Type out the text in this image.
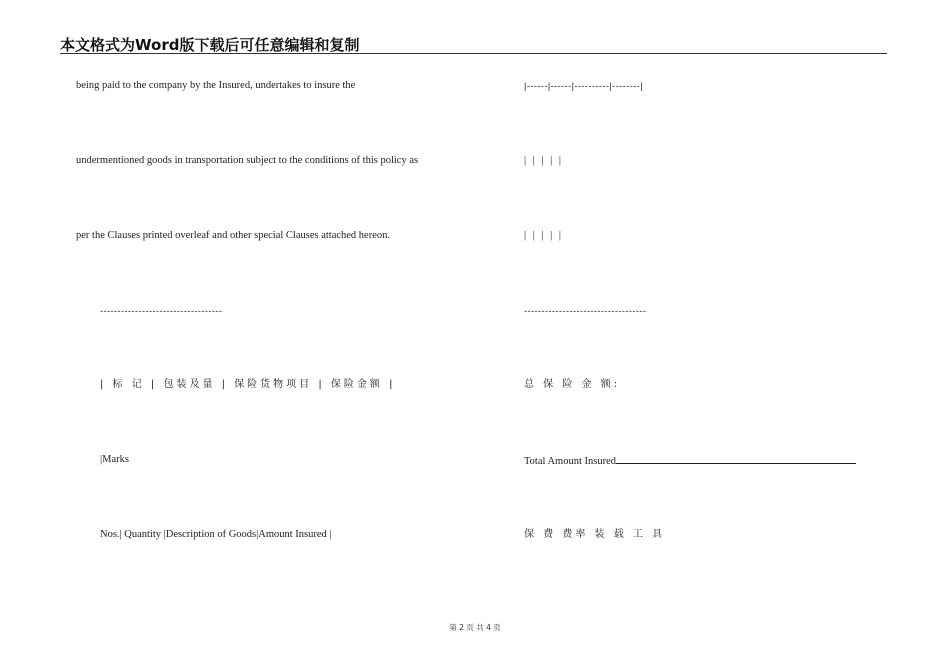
本文格式为Word版下载后可任意编辑和复制
being paid to the company by the Insured, undertakes to insure the
undermentioned goods in transportation subject to the conditions of this policy as
per the Clauses printed overleaf and other special Clauses attached hereon.
-----------------------------------
| 标 记 | 包装及量 | 保险货物项目 | 保险金额 |
|Marks
Nos.| Quantity |Description of Goods|Amount Insured |
|------|------|----------|--------|
| | | | |
| | | | |
-----------------------------------
总 保 险 金 额:
Total Amount Insured
保 费 费率 装 载 工 具
第 2 页 共 4 页
